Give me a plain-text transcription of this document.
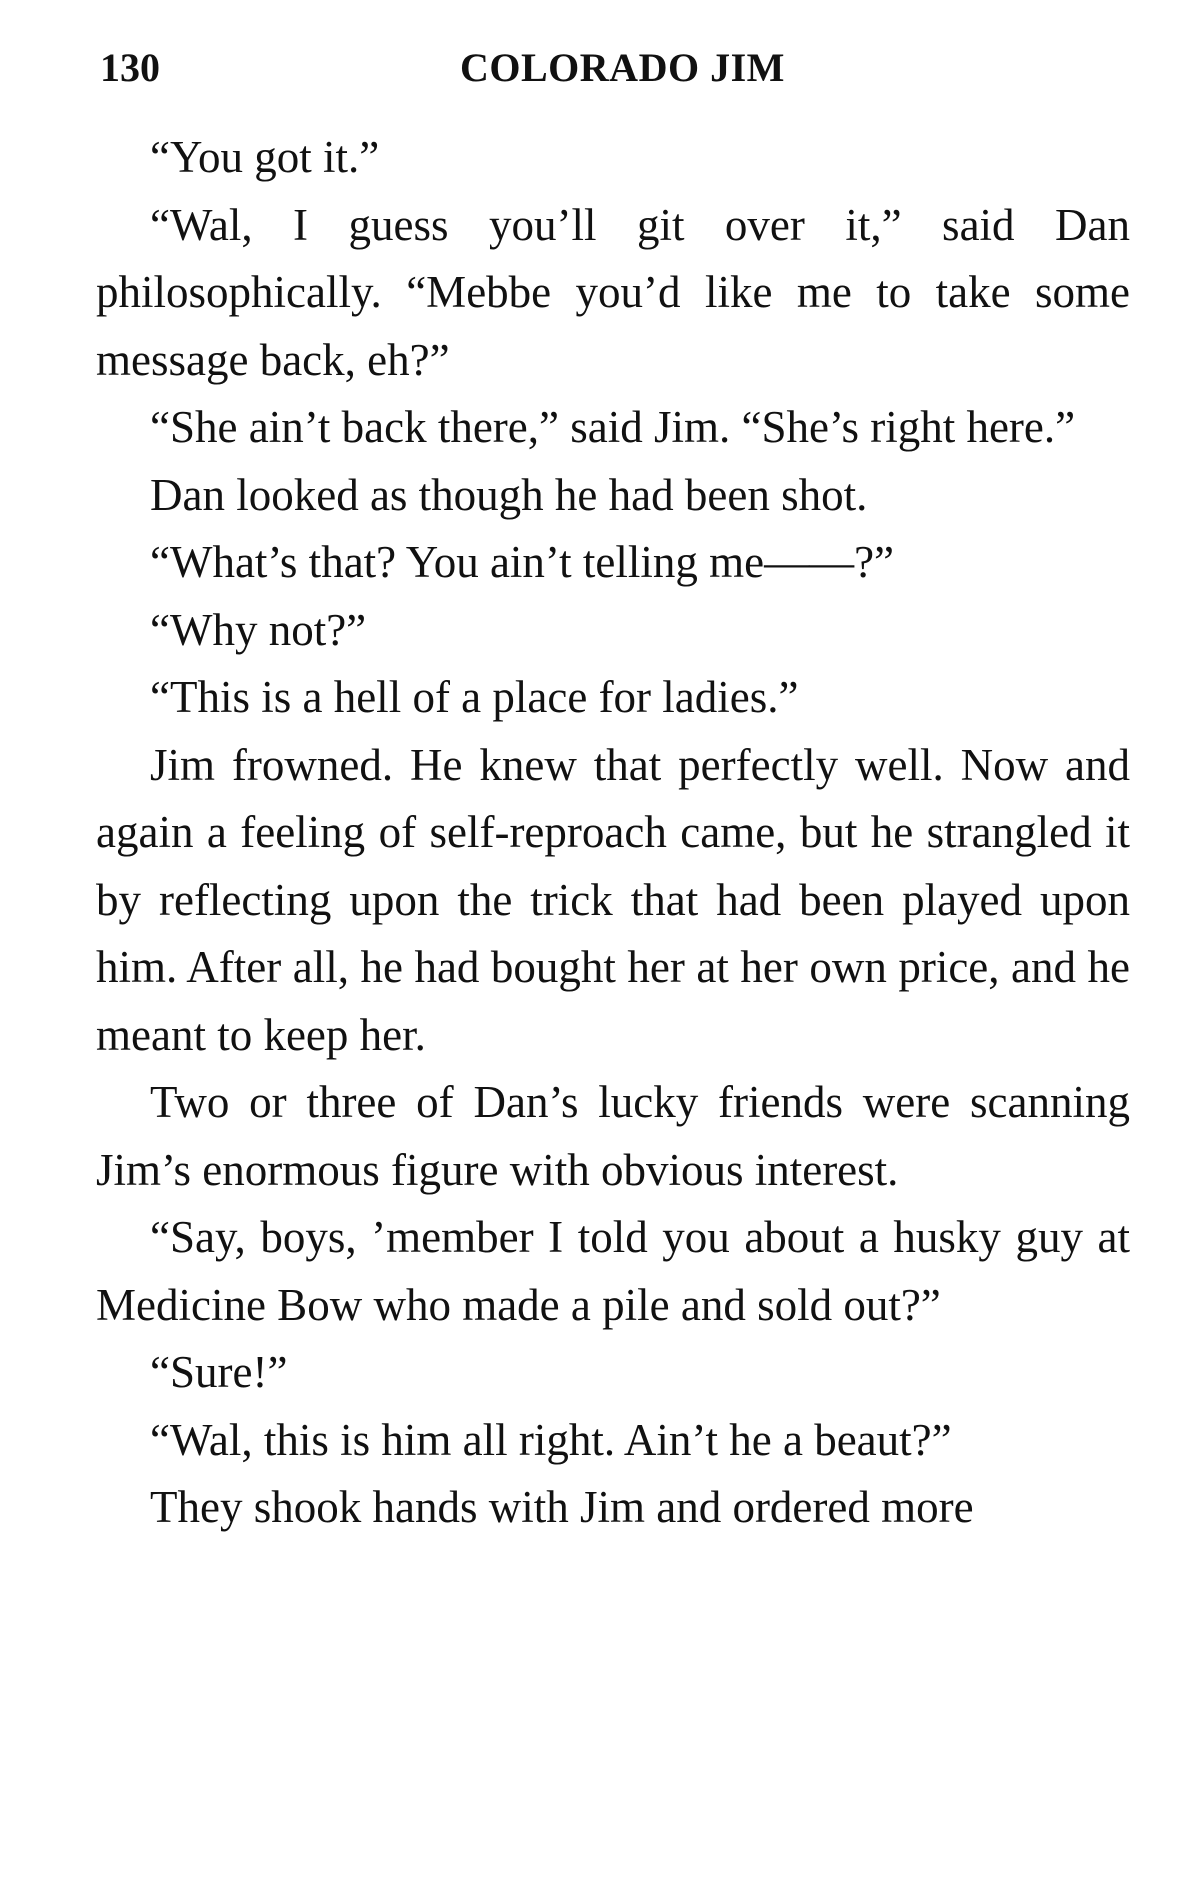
130	COLORADO JIM

“You got it.”

“Wal, I guess you’ll git over it,” said Dan philosophically. “Mebbe you’d like me to take some message back, eh?”

“She ain’t back there,” said Jim. “She’s right here.”

Dan looked as though he had been shot.

“What’s that? You ain’t telling me——?”

“Why not?”

“This is a hell of a place for ladies.”

Jim frowned. He knew that perfectly well. Now and again a feeling of self-reproach came, but he strangled it by reflecting upon the trick that had been played upon him. After all, he had bought her at her own price, and he meant to keep her.

Two or three of Dan’s lucky friends were scanning Jim’s enormous figure with obvious interest.

“Say, boys, ’member I told you about a husky guy at Medicine Bow who made a pile and sold out?”

“Sure!”

“Wal, this is him all right. Ain’t he a beaut?”

They shook hands with Jim and ordered more
